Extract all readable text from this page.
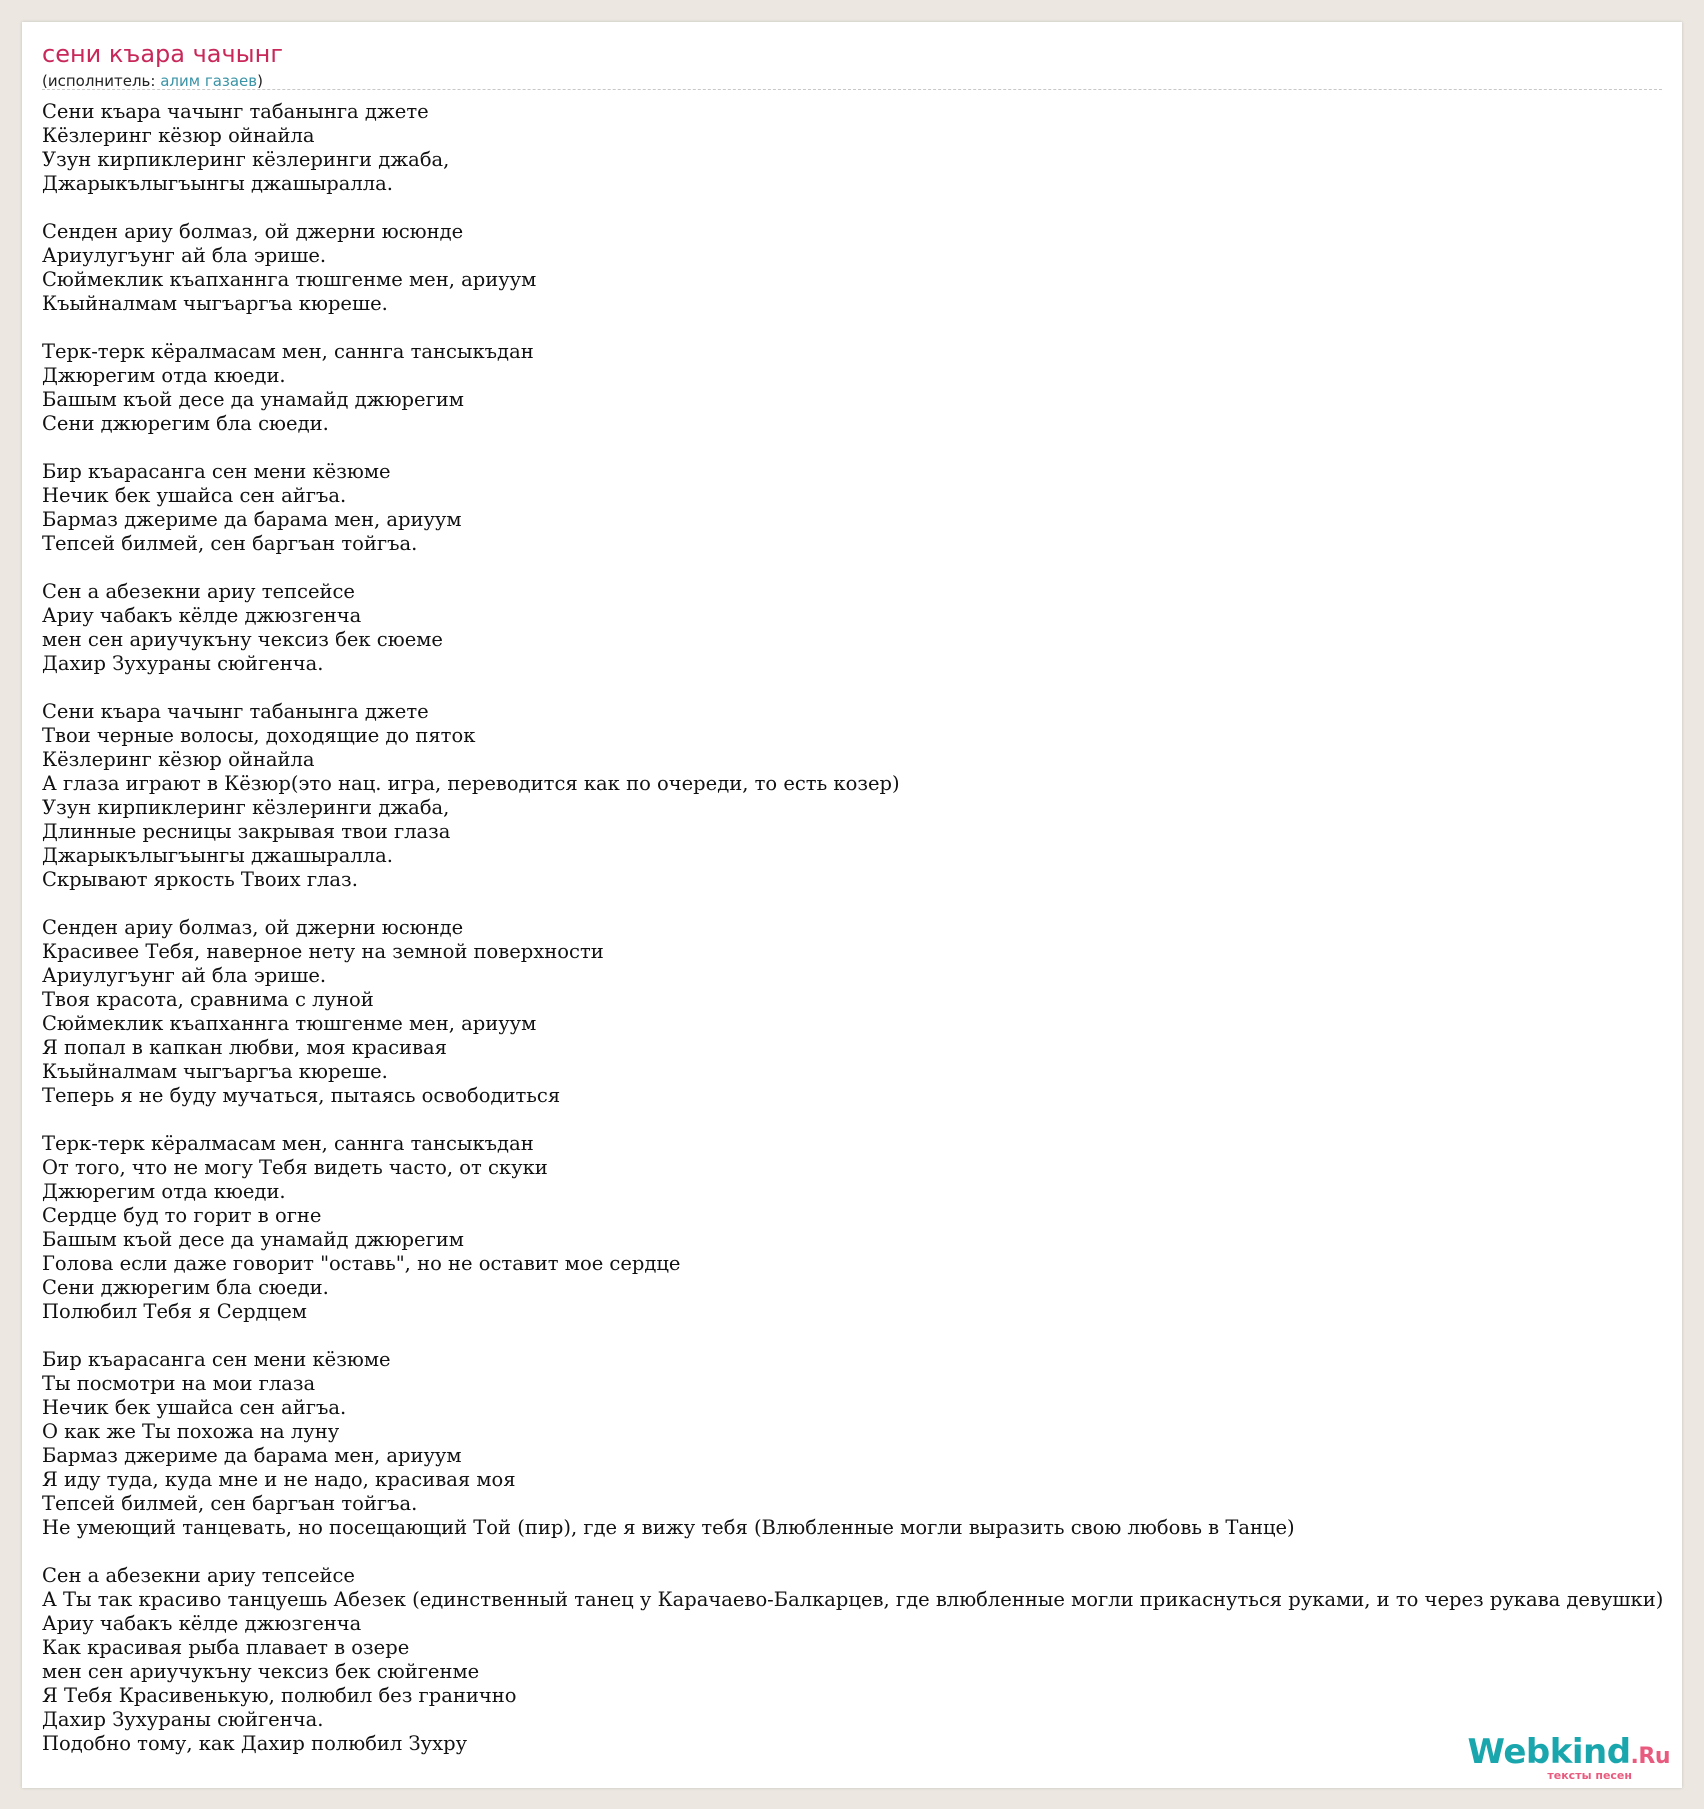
сени къара чачынг
(исполнитель: алим газаев)
Сени къара чачынг табанынга джете
Кёзлеринг кёзюр ойнайла
Узун кирпиклеринг кёзлеринги джаба,
Джарыкълыгъынгы джашыралла.
Сенден ариу болмаз, ой джерни юсюнде
Ариулугъунг ай бла эрише.
Сюймеклик къапханнга тюшгенме мен, ариуум
Къыйналмам чыгъаргъа кюреше.
Терк-терк кёралмасам мен, саннга тансыкъдан
Джюрегим отда кюеди.
Башым къой десе да унамайд джюрегим
Сени джюрегим бла сюеди.
Бир къарасанга сен мени кёзюме
Нечик бек ушайса сен айгъа.
Бармаз джериме да барама мен, ариуум
Тепсей билмей, сен баргъан тойгъа.
Сен а абезекни ариу тепсейсе
Ариу чабакъ кёлде джюзгенча
мен сен ариучукъну чексиз бек сюеме
Дахир Зухураны сюйгенча.
Сени къара чачынг табанынга джете
Твои черные волосы, доходящие до пяток
Кёзлеринг кёзюр ойнайла
А глаза играют в Кёзюр(это нац. игра, переводится как по очереди, то есть козер)
Узун кирпиклеринг кёзлеринги джаба,
Длинные ресницы закрывая твои глаза
Джарыкълыгъынгы джашыралла.
Скрывают яркость Твоих глаз.
Сенден ариу болмаз, ой джерни юсюнде
Красивее Тебя, наверное нету на земной поверхности
Ариулугъунг ай бла эрише.
Твоя красота, сравнима с луной
Сюймеклик къапханнга тюшгенме мен, ариуум
Я попал в капкан любви, моя красивая
Къыйналмам чыгъаргъа кюреше.
Теперь я не буду мучаться, пытаясь освободиться
Терк-терк кёралмасам мен, саннга тансыкъдан
От того, что не могу Тебя видеть часто, от скуки
Джюрегим отда кюеди.
Сердце буд то горит в огне
Башым къой десе да унамайд джюрегим
Голова если даже говорит "оставь", но не оставит мое сердце
Сени джюрегим бла сюеди.
Полюбил Тебя я Сердцем
Бир къарасанга сен мени кёзюме
Ты посмотри на мои глаза
Нечик бек ушайса сен айгъа.
О как же Ты похожа на луну
Бармаз джериме да барама мен, ариуум
Я иду туда, куда мне и не надо, красивая моя
Тепсей билмей, сен баргъан тойгъа.
Не умеющий танцевать, но посещающий Той (пир), где я вижу тебя (Влюбленные могли выразить свою любовь в Танце)
Сен а абезекни ариу тепсейсе
А Ты так красиво танцуешь Абезек (единственный танец у Карачаево-Балкарцев, где влюбленные могли прикаснуться руками, и то через рукава девушки)
Ариу чабакъ кёлде джюзгенча
Как красивая рыба плавает в озере
мен сен ариучукъну чексиз бек сюйгенме
Я Тебя Красивенькую, полюбил без гранично
Дахир Зухураны сюйгенча.
Подобно тому, как Дахир полюбил Зухру	Webkind.Ru
тексты песен
